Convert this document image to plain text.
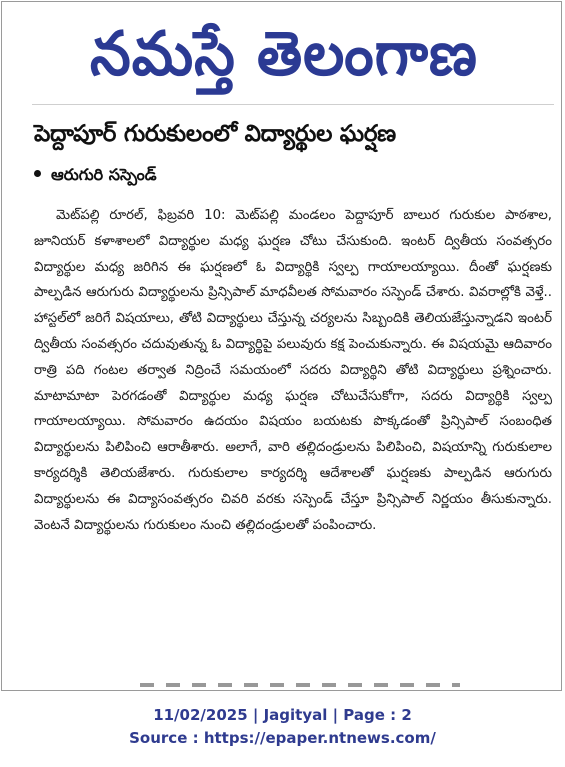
నమస్తే తెలంగాణ
పెద్దాపూర్ గురుకులంలో విద్యార్థుల ఘర్షణ
ఆరుగురి సస్పెండ్

మెట్‌పల్లి రూరల్, ఫిబ్రవరి 10: మెట్‌పల్లి మండలం పెద్దాపూర్ బాలుర గురుకుల పాఠశాల, జూనియర్ కళాశాలలో విద్యార్థుల మధ్య ఘర్షణ చోటు చేసుకుంది. ఇంటర్ ద్వితీయ సంవత్సరం విద్యార్థుల మధ్య జరిగిన ఈ ఘర్షణలో ఓ విద్యార్థికి స్వల్ప గాయాలయ్యాయి. దీంతో ఘర్షణకు పాల్పడిన ఆరుగురు విద్యార్థులను ప్రిన్సిపాల్ మాధవీలత సోమవారం సస్పెండ్ చేశారు. వివరాల్లోకి వెళ్తే.. హాస్టల్‌లో జరిగే విషయాలు, తోటి విద్యార్థులు చేస్తున్న చర్యలను సిబ్బందికి తెలియజేస్తున్నాడని ఇంటర్ ద్వితీయ సంవత్సరం చదువుతున్న ఓ విద్యార్థిపై పలువురు కక్ష పెంచుకున్నారు. ఈ విషయమై ఆదివారం రాత్రి పది గంటల తర్వాత నిద్రించే సమయంలో సదరు విద్యార్థిని తోటి విద్యార్థులు ప్రశ్నించారు. మాటామాటా పెరగడంతో విద్యార్థుల మధ్య ఘర్షణ చోటుచేసుకోగా, సదరు విద్యార్థికి స్వల్ప గాయాలయ్యాయి. సోమవారం ఉదయం విషయం బయటకు పొక్కడంతో ప్రిన్సిపాల్ సంబంధిత విద్యార్థులను పిలిపించి ఆరాతీశారు. అలాగే, వారి తల్లిదండ్రులను పిలిపించి, విషయాన్ని గురుకులాల కార్యదర్శికి తెలియజేశారు. గురుకులాల కార్యదర్శి ఆదేశాలతో ఘర్షణకు పాల్పడిన ఆరుగురు విద్యార్థులను ఈ విద్యాసంవత్సరం చివరి వరకు సస్పెండ్ చేస్తూ ప్రిన్సిపాల్ నిర్ణయం తీసుకున్నారు. వెంటనే విద్యార్థులను గురుకులం నుంచి తల్లిదండ్రులతో పంపించారు.

11/02/2025 | Jagityal | Page : 2
Source : https://epaper.ntnews.com/
